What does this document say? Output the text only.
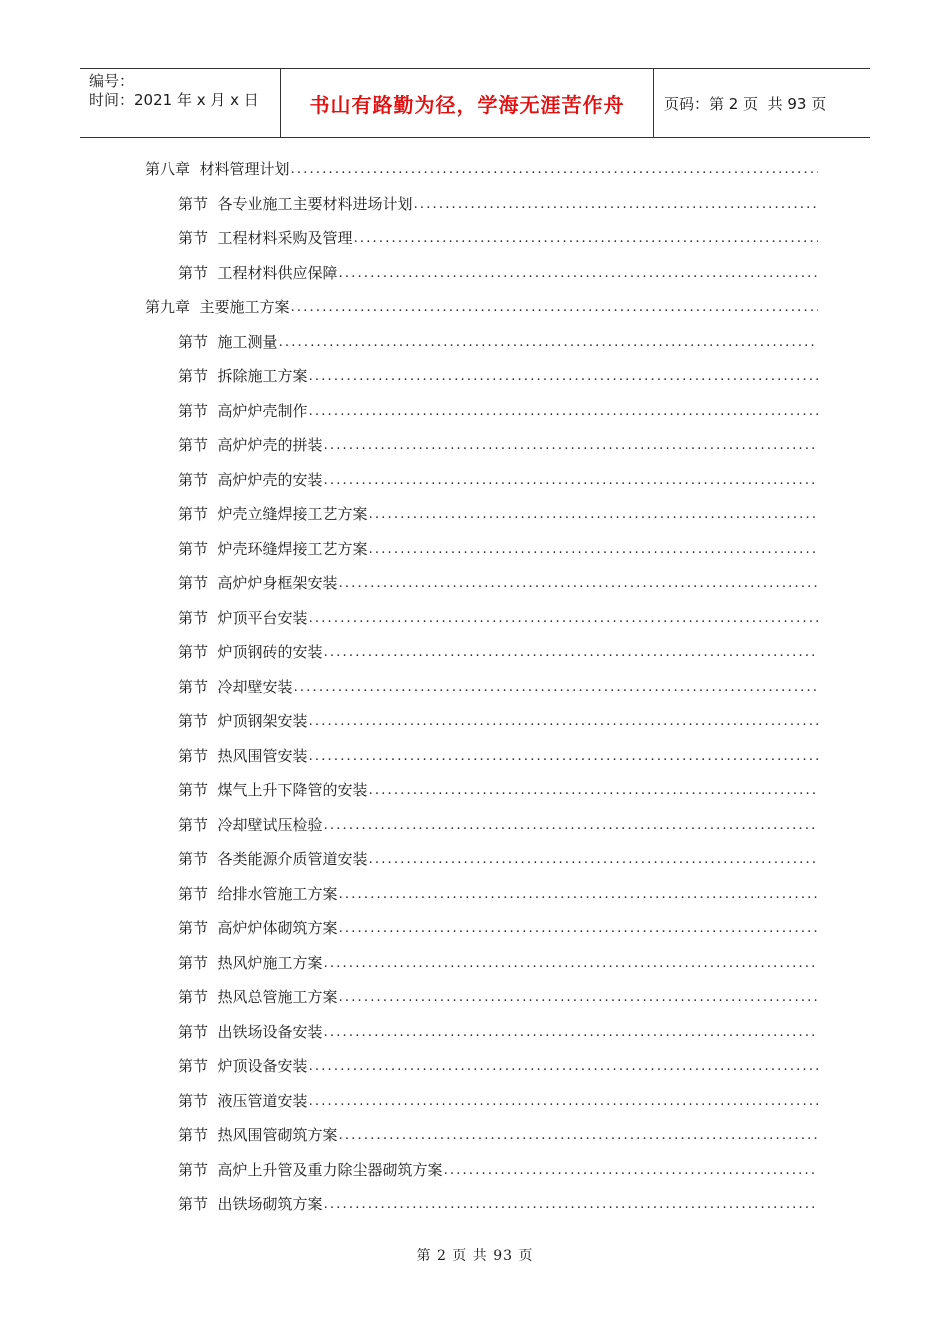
编号：
时间：2021 年 x 月 x 日	书山有路勤为径，学海无涯苦作舟	页码：第 2 页  共 93 页
第八章 材料管理计划
.....
第节 各专业施工主要材料进场计划
.....
第节 工程材料采购及管理
.....
第节 工程材料供应保障
.....
第九章 主要施工方案
.....
第节 施工测量
.....
第节 拆除施工方案
.....
第节 高炉炉壳制作
.....
第节 高炉炉壳的拼装
.....
第节 高炉炉壳的安装
.....
第节 炉壳立缝焊接工艺方案
.....
第节 炉壳环缝焊接工艺方案
.....
第节 高炉炉身框架安装
.....
第节 炉顶平台安装
.....
第节 炉顶钢砖的安装
.....
第节 冷却壁安装
.....
第节 炉顶钢架安装
.....
第节 热风围管安装
.....
第节 煤气上升下降管的安装
.....
第节 冷却壁试压检验
.....
第节 各类能源介质管道安装
.....
第节 给排水管施工方案
.....
第节 高炉炉体砌筑方案
.....
第节 热风炉施工方案
.....
第节 热风总管施工方案
.....
第节 出铁场设备安装
.....
第节 炉顶设备安装
.....
第节 液压管道安装
.....
第节 热风围管砌筑方案
.....
第节 高炉上升管及重力除尘器砌筑方案
.....
第节 出铁场砌筑方案
.....
第 2 页 共 93 页
